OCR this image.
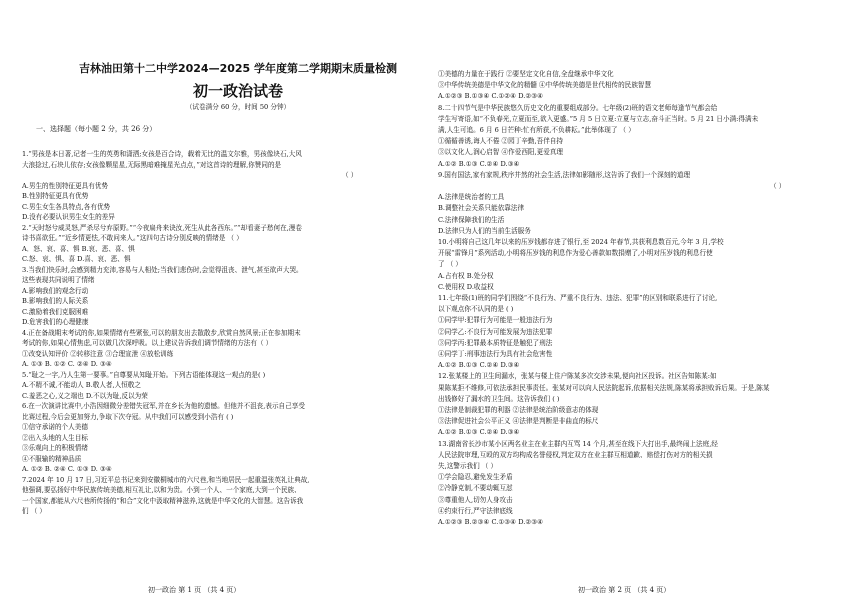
吉林油田第十二中学2024—2025 学年度第二学期期末质量检测
初一政治试卷
（试卷满分 60 分，时间 50 分钟）
一、选择题（每小题 2 分，共 26 分）
1.“男孩是本日著,记者一生的英勇和潇洒;女孩是百合诗，载着无比的温文尔雅，男孩像块石,大风
大浪捻过,石块儿依存;女孩像颗星星,无际黑暗难掩星光点点，”对这首诗的理解,你赞同的是
（ ）
A.男生的性别特征更具有优势
B.性别特征更具有优势
C.男生女生各具特点,各有优势
D.没有必要认识男生女生的差异
2.“天时怒兮威灵怒,严杀尽兮弃原野。”“今夜扁舟来诀汝,死生从此各西东。”“却看妻子愁何在,漫卷
诗书喜欲狂。”“近乡情更怯,不敢问来人。”这四句古诗分别反映的情绪是 （ ）
A．怒、哀、喜、惧 B.哀、恶、喜、惧
C.怒、哀、惧、喜 D.喜、哀、恶、惧
3.当我们快乐时,会感到精力充沛,容易与人相处;当我们悲伤时,会觉得沮丧、泄气,甚至欲声大哭。
这些表现共同说明了情绪
A.影响我们的观念行动
B.影响我们的人际关系
C.激励着我们克服困难
D.危害我们的心理健康
4.正在备战期末考试的你,如果情绪有些紧张,可以的朋友出去散散步,欣赏自然风景;正在参加期末
考试的你,如果心情焦虑,可以做几次深呼吸。以上建议告诉我们调节情绪的方法有（ ）
①改变认知评价 ②转移注意 ③合理宣泄 ④放松训练
A. ①③ B. ①② C. ②④ D. ③④
5.“耻之一字,乃人生第一要事。”自尊要从知耻开始。下列古语能体现这一观点的是( )
A.不精不诚,不能动人 B.敬人者,人恒敬之
C.羞恶之心,义之端也 D.不以为耻,反以为荣
6.在一次演讲比赛中,小浩因细微分差错失冠军,并在乡长为他的遗憾。但他并不沮丧,表示自己享受
比赛过程,今后会更加努力,争取下次夺冠。从中我们可以感受到小浩有 ( )
①信守承诺的个人美德
②出入头地的人生目标
③乐观向上的积极情绪
④不服输的精神品质
A. ①② B. ②④ C. ①③ D. ③④
7.2024 年 10 月 17 日,习近平总书记来到安徽桐城市的六尺巷,和当地居民一起重温张英礼让典故,
他强调,要弘扬好中华民族传统美德,相互礼让,以和为贵。小到一个人、一个家庭,大到一个民族、
一个国家,都能从六尺巷所传扬的“和合”文化中汲取精神滋养,这就是中华文化的大智慧。这告诉我
们 （ ）
①美德的力量在于践行 ②要坚定文化自信,全盘继承中华文化
③中华传统美德是中华文化的精髓 ④中华传统美德是世代相传的民族智慧
A.①②③ B.①③④ C.①②④ D.②③④
8.二十四节气是中华民族悠久历史文化的重要组成部分。七年级(2)班的语文老师每逢节气都会给
学生写寄语,如“不负春光,立夏而至,欲入更盛。”5 月 5 日立夏:立夏与立志,奋斗正当时。5 月 21 日小满:得满未
满,人生可追。6 月 6 日芒种:忙有所获,不负耕耘。”此举体现了 （ ）
①循循善诱,诲人不倦 ②园丁辛勤,吾伴自持
③以文化人,润心启智 ④作爱西阳,更爱真理
A.①② B.①③ C.②④ D.③④
9.国有国法,家有家规,秩序井然的社会生活,法律如影随形,这告诉了我们一个深刻的道理
（ ）
A.法律是统治者的工具
B.调整社会关系只能依靠法律
C.法律保障我们的生活
D.法律只为人们的当前生活服务
10.小明将自己这几年以来的压岁钱都存进了银行,至 2024 年春节,共获利息数百元,今年 3 月,学校
开展“雷锋月”系列活动,小明将压岁钱的利息作为爱心善款如数捐赠了,小明对压岁钱的利息行使
了 （ ）
A.占有权 B.处分权
C.使用权 D.收益权
11.七年级(1)班的同学们围绕“不良行为、严重不良行为、违法、犯罪”的区别和联系进行了讨论,
以下观点你不认同的是 ( )
①同学甲:犯罪行为可能是一般违法行为
②同学乙:不良行为可能发展为违法犯罪
③同学丙:犯罪最本质特征是触犯了刑法
④同学丁:刑事违法行为具有社会危害性
A.①② B.①③ C.②④ D.③④
12.张某楼上的卫生间漏水，张某与楼上住户陈某多次交涉未果,便向社区投诉。社区告知陈某:如
果陈某拒不维修,可依法承担民事责任。张某对可以向人民法院起诉,依据相关法规,陈某将承担败诉后果。于是,陈某
出钱修好了漏水的卫生间。这告诉我们 ( )
①法律是制裁犯罪的利器 ②法律是统治阶级意志的体现
③法律促进社会公平正义 ④法律是判断是非曲直的标尺
A.①② B.①③ C.②④ D.③④
13.湖南省长沙市某小区两名业主在业主群内互骂 14 个月,甚至在线下大打出手,最终闹上法庭,经
人民法院审理,互殴的双方均构成名誉侵权,判定双方在业主群互相道歉、赔偿打伤对方的相关损
失,这警示我们 （ ）
①学会隐忍,避免发生矛盾
②冷静克制,不要动辄互怼
③尊重他人,切勿人身攻击
④约束行行,严守法律底线
A.①②③ B.②③④ C.①③④ D.②③④
初一政治 第 1 页 （共 4 页）	初一政治 第 2 页 （共 4 页）
